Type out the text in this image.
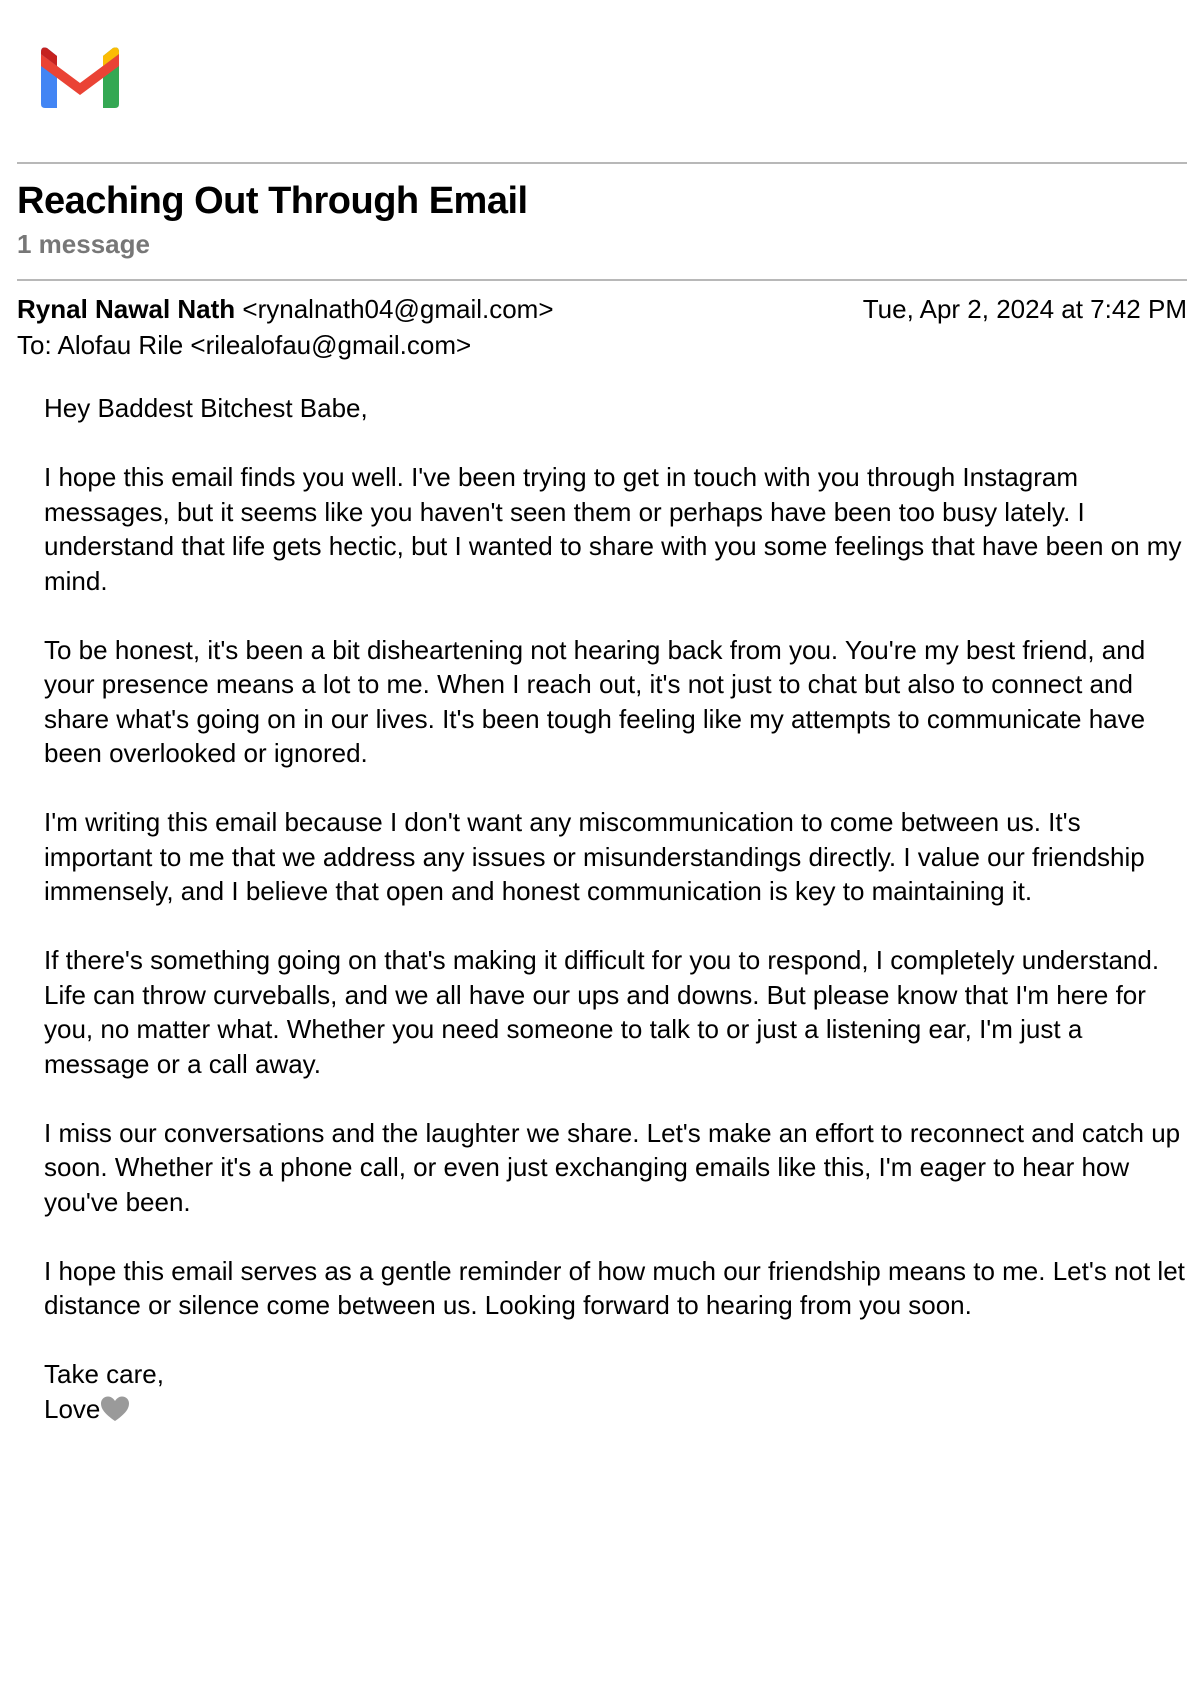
Reaching Out Through Email
1 message
Rynal Nawal Nath <rynalnath04@gmail.com>	Tue, Apr 2, 2024 at 7:42 PM
To: Alofau Rile <rilealofau@gmail.com>

Hey Baddest Bitchest Babe,

I hope this email finds you well. I've been trying to get in touch with you through Instagram messages, but it seems like you haven't seen them or perhaps have been too busy lately. I understand that life gets hectic, but I wanted to share with you some feelings that have been on my mind.

To be honest, it's been a bit disheartening not hearing back from you. You're my best friend, and your presence means a lot to me. When I reach out, it's not just to chat but also to connect and share what's going on in our lives. It's been tough feeling like my attempts to communicate have been overlooked or ignored.

I'm writing this email because I don't want any miscommunication to come between us. It's important to me that we address any issues or misunderstandings directly. I value our friendship immensely, and I believe that open and honest communication is key to maintaining it.

If there's something going on that's making it difficult for you to respond, I completely understand. Life can throw curveballs, and we all have our ups and downs. But please know that I'm here for you, no matter what. Whether you need someone to talk to or just a listening ear, I'm just a message or a call away.

I miss our conversations and the laughter we share. Let's make an effort to reconnect and catch up soon. Whether it's a phone call, or even just exchanging emails like this, I'm eager to hear how you've been.

I hope this email serves as a gentle reminder of how much our friendship means to me. Let's not let distance or silence come between us. Looking forward to hearing from you soon.

Take care,
Love
